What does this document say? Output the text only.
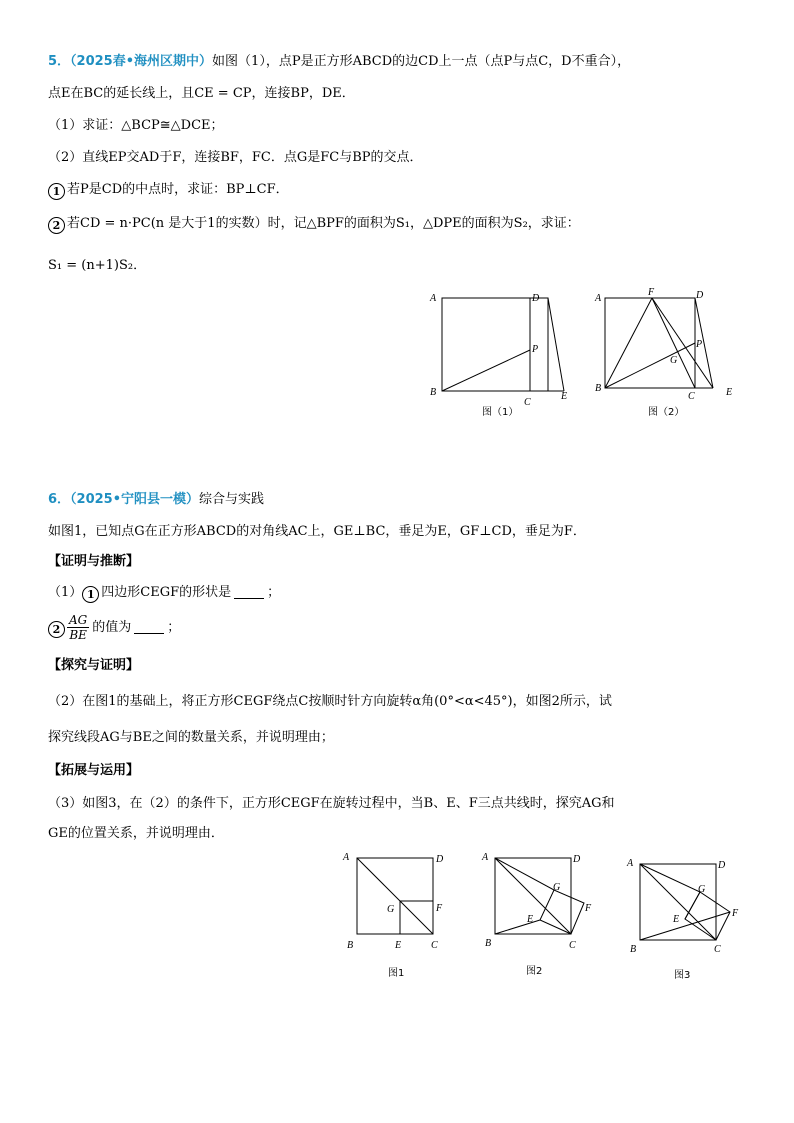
5．（2025春•海州区期中）如图（1），点P是正方形ABCD的边CD上一点（点P与点C，D不重合），
点E在BC的延长线上，且CE = CP，连接BP，DE．
（1）求证：△BCP≅△DCE；
（2）直线EP交AD于F，连接BF，FC．点G是FC与BP的交点．
1 若P是CD的中点时，求证：BP⊥CF．
2 若CD = n·PC(n 是大于1的实数）时，记△BPF的面积为S₁，△DPE的面积为S₂，求证：
S₁ = (n+1)S₂．
A	D
P
B
C
E
图（1）
A
F	D
P
G
B
C	E
图（2）
6．（2025•宁阳县一模）综合与实践
如图1，已知点G在正方形ABCD的对角线AC上，GE⊥BC，垂足为E，GF⊥CD，垂足为F．
【证明与推断】
（1） 1 四边形CEGF的形状是	；
$2 \frac{AG}{BE}$ 的值为	；
【探究与证明】
（2）在图1的基础上，将正方形CEGF绕点C按顺时针方向旋转α角(0°<α<45°)，如图2所示，试
探究线段AG与BE之间的数量关系，并说明理由；
【拓展与运用】
（3）如图3，在（2）的条件下，正方形CEGF在旋转过程中，当B、E、F三点共线时，探究AG和
GE的位置关系，并说明理由．
A	D
G	F
B	E	C
图1
A	D
G
E
F
B	C
图2
A	D
G
E
F
B	C
图3
